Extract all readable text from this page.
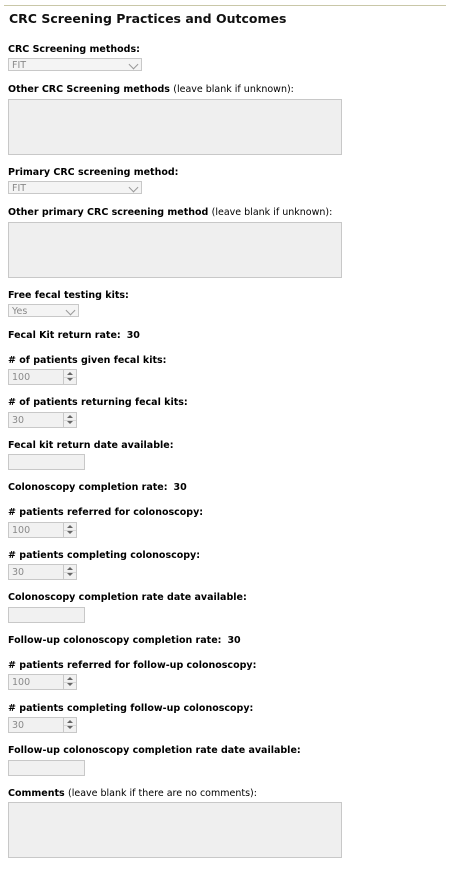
CRC Screening Practices and Outcomes
CRC Screening methods:
FIT
Other CRC Screening methods (leave blank if unknown):
Primary CRC screening method:
FIT
Other primary CRC screening method (leave blank if unknown):
Free fecal testing kits:
Yes
Fecal Kit return rate: 30
# of patients given fecal kits:
100
# of patients returning fecal kits:
30
Fecal kit return date available:
Colonoscopy completion rate: 30
# patients referred for colonoscopy:
100
# patients completing colonoscopy:
30
Colonoscopy completion rate date available:
Follow-up colonoscopy completion rate: 30
# patients referred for follow-up colonoscopy:
100
# patients completing follow-up colonoscopy:
30
Follow-up colonoscopy completion rate date available:
Comments (leave blank if there are no comments):
